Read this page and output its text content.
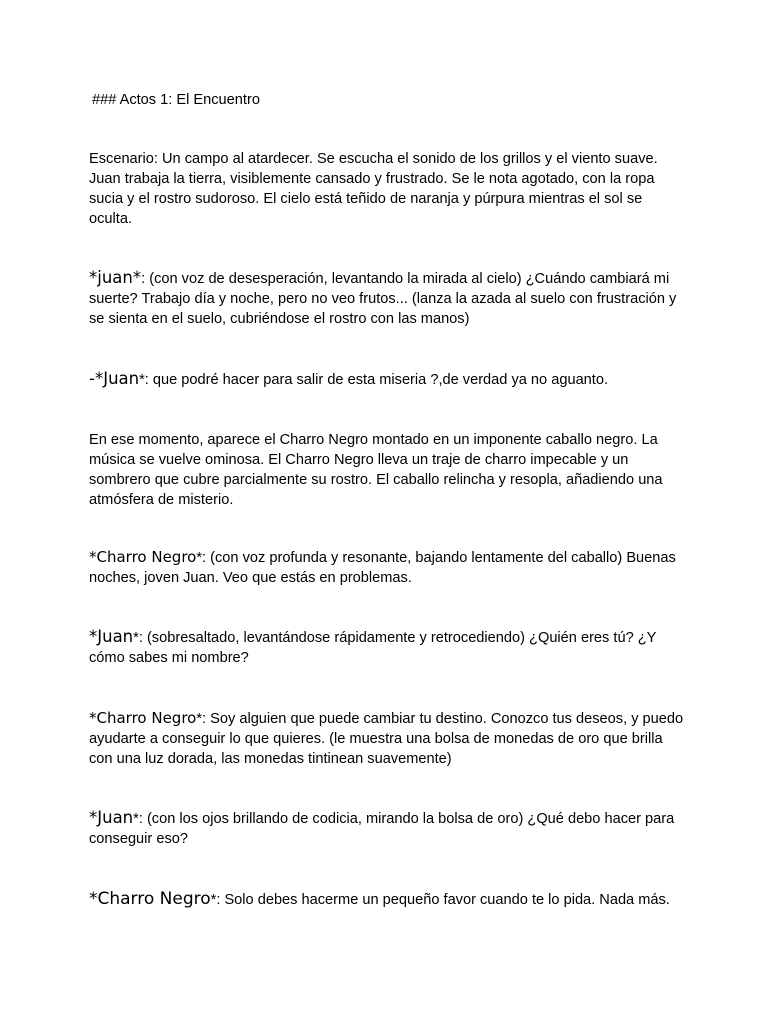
### Actos 1: El Encuentro

Escenario: Un campo al atardecer. Se escucha el sonido de los grillos y el viento suave. Juan trabaja la tierra, visiblemente cansado y frustrado. Se le nota agotado, con la ropa sucia y el rostro sudoroso. El cielo está teñido de naranja y púrpura mientras el sol se oculta.

*juan*: (con voz de desesperación, levantando la mirada al cielo) ¿Cuándo cambiará mi suerte? Trabajo día y noche, pero no veo frutos... (lanza la azada al suelo con frustración y se sienta en el suelo, cubriéndose el rostro con las manos)

-*Juan*: que podré hacer para salir de esta miseria ?,de verdad ya no aguanto.

En ese momento, aparece el Charro Negro montado en un imponente caballo negro. La música se vuelve ominosa. El Charro Negro lleva un traje de charro impecable y un sombrero que cubre parcialmente su rostro. El caballo relincha y resopla, añadiendo una atmósfera de misterio.

*Charro Negro*: (con voz profunda y resonante, bajando lentamente del caballo) Buenas noches, joven Juan. Veo que estás en problemas.

*Juan*: (sobresaltado, levantándose rápidamente y retrocediendo) ¿Quién eres tú? ¿Y cómo sabes mi nombre?

*Charro Negro*: Soy alguien que puede cambiar tu destino. Conozco tus deseos, y puedo ayudarte a conseguir lo que quieres. (le muestra una bolsa de monedas de oro que brilla con una luz dorada, las monedas tintinean suavemente)

*Juan*: (con los ojos brillando de codicia, mirando la bolsa de oro) ¿Qué debo hacer para conseguir eso?

*Charro Negro*: Solo debes hacerme un pequeño favor cuando te lo pida. Nada más.
